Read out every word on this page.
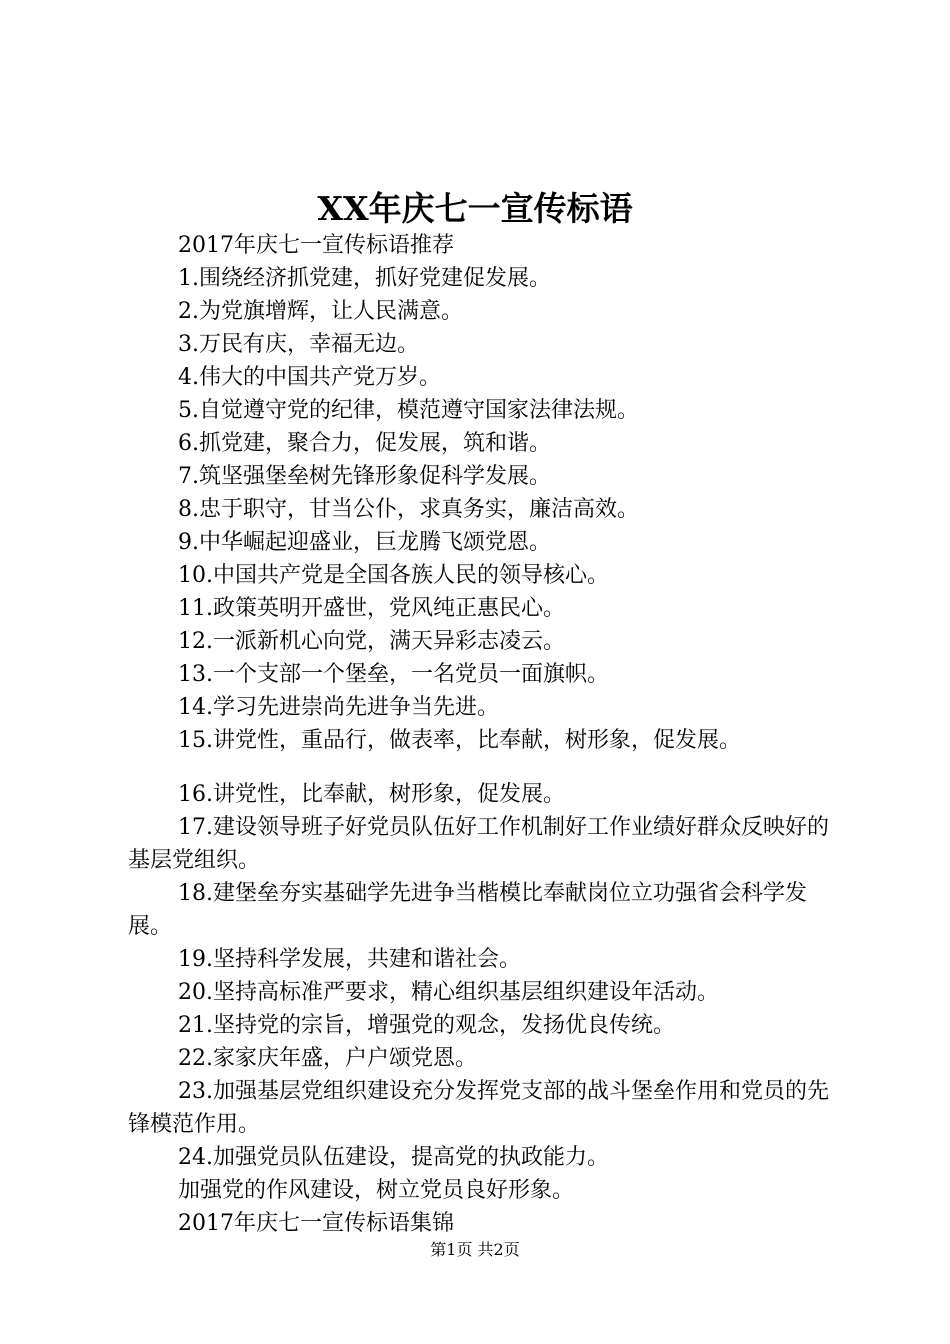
XX年庆七一宣传标语

2017年庆七一宣传标语推荐

1.围绕经济抓党建，抓好党建促发展。

2.为党旗增辉，让人民满意。

3.万民有庆，幸福无边。

4.伟大的中国共产党万岁。

5.自觉遵守党的纪律，模范遵守国家法律法规。

6.抓党建，聚合力，促发展，筑和谐。

7.筑坚强堡垒树先锋形象促科学发展。

8.忠于职守，甘当公仆，求真务实，廉洁高效。

9.中华崛起迎盛业，巨龙腾飞颂党恩。

10.中国共产党是全国各族人民的领导核心。

11.政策英明开盛世，党风纯正惠民心。

12.一派新机心向党，满天异彩志凌云。

13.一个支部一个堡垒，一名党员一面旗帜。

14.学习先进崇尚先进争当先进。

15.讲党性，重品行，做表率，比奉献，树形象，促发展。

16.讲党性，比奉献，树形象，促发展。

17.建设领导班子好党员队伍好工作机制好工作业绩好群众反映好的基层党组织。

18.建堡垒夯实基础学先进争当楷模比奉献岗位立功强省会科学发展。

19.坚持科学发展，共建和谐社会。

20.坚持高标准严要求，精心组织基层组织建设年活动。

21.坚持党的宗旨，增强党的观念，发扬优良传统。

22.家家庆年盛，户户颂党恩。

23.加强基层党组织建设充分发挥党支部的战斗堡垒作用和党员的先锋模范作用。

24.加强党员队伍建设，提高党的执政能力。

加强党的作风建设，树立党员良好形象。

2017年庆七一宣传标语集锦

第1页 共2页
